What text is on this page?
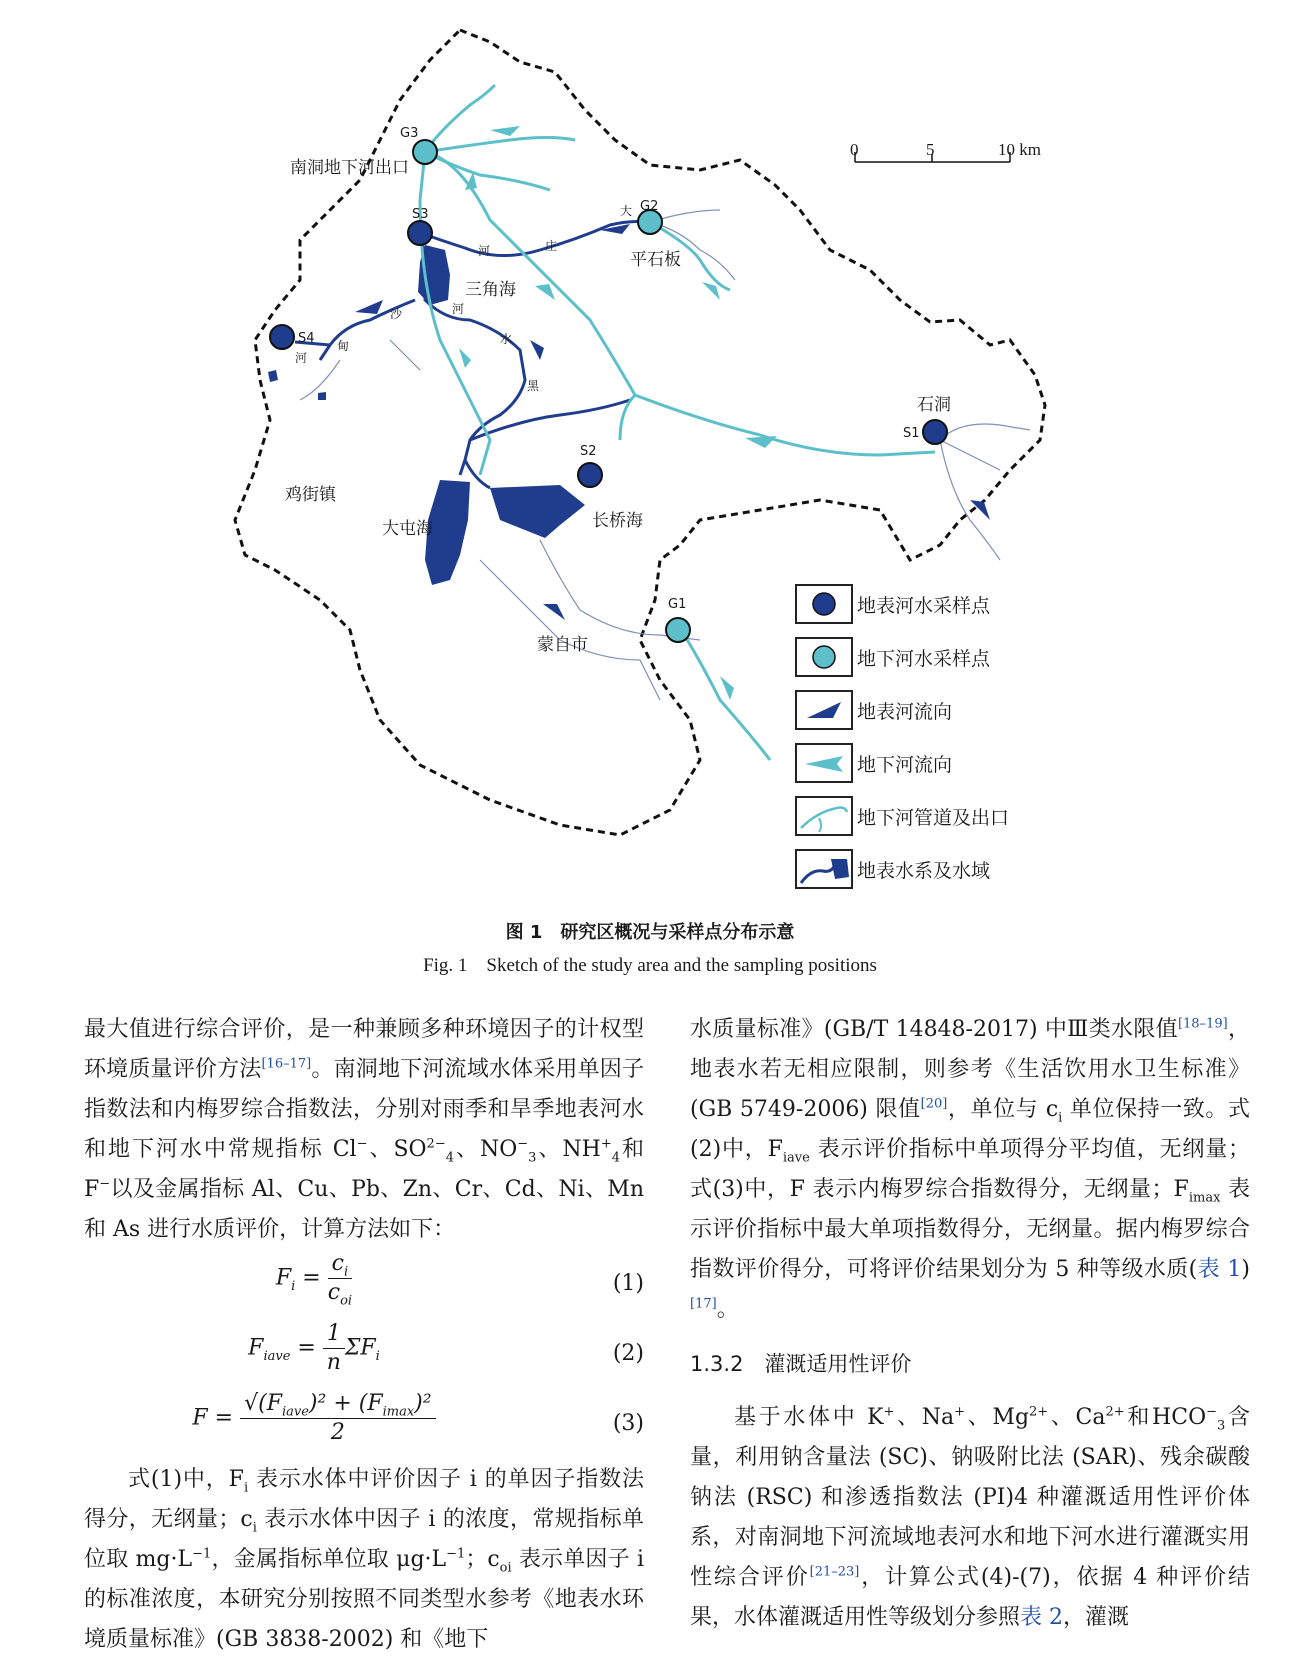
0	5	10 km
G3
南洞地下河出口
S3
G2
平石板
三角海
S4
石洞
S1
S2
鸡街镇
大屯海	长桥海
G1
蒙自市
大
庄
河
沙	河
甸
河
水
黑
地表河水采样点
地下河水采样点
地表河流向
地下河流向
地下河管道及出口
地表水系及水域
图 1　研究区概况与采样点分布示意
Fig. 1　Sketch of the study area and the sampling positions

最大值进行综合评价，是一种兼顾多种环境因子的计权型环境质量评价方法[16–17]。南洞地下河流域水体采用单因子指数法和内梅罗综合指数法，分别对雨季和旱季地表河水和地下河水中常规指标 Cl−、$SO^{2-}_4$、$NO^-_3$、$NH^+_4$和 F−以及金属指标 Al、Cu、Pb、Zn、Cr、Cd、Ni、Mn 和 As 进行水质评价，计算方法如下：

$F_i = \frac{c_i}{c_{oi}}$	(1)
$F_{iave} = \frac{1}{n} \Sigma F_i$	(2)
$F = \frac{√(F_{iave})^2 + (F_{imax})^2}{2}$	(3)

式(1)中，$F_i$ 表示水体中评价因子 i 的单因子指数法得分，无纲量；$c_i$ 表示水体中因子 i 的浓度，常规指标单位取 $mg\cdot L^{-1}$，金属指标单位取 $\mu g\cdot L^{-1}$；$c_{oi}$ 表示单因子 i 的标准浓度，本研究分别按照不同类型水参考《地表水环境质量标准》(GB 3838-2002) 和《地下

水质量标准》(GB/T 14848-2017) 中Ⅲ类水限值[18–19]，地表水若无相应限制，则参考《生活饮用水卫生标准》(GB 5749-2006) 限值[20]，单位与 $c_i$ 单位保持一致。式(2)中，$F_{iave}$ 表示评价指标中单项得分平均值，无纲量；式(3)中，F 表示内梅罗综合指数得分，无纲量；$F_{imax}$ 表示评价指标中最大单项指数得分，无纲量。据内梅罗综合指数评价得分，可将评价结果划分为 5 种等级水质(表 1)[17]。

1.3.2　灌溉适用性评价

基于水体中 K+、Na+、$Mg^{2+}$、$Ca^{2+}$和$HCO^-_3$含量，利用钠含量法 (SC)、钠吸附比法 (SAR)、残余碳酸钠法 (RSC) 和渗透指数法 (PI)4 种灌溉适用性评价体系，对南洞地下河流域地表河水和地下河水进行灌溉实用性综合评价[21–23]，计算公式(4)-(7)，依据 4 种评价结果，水体灌溉适用性等级划分参照表 2，灌溉
